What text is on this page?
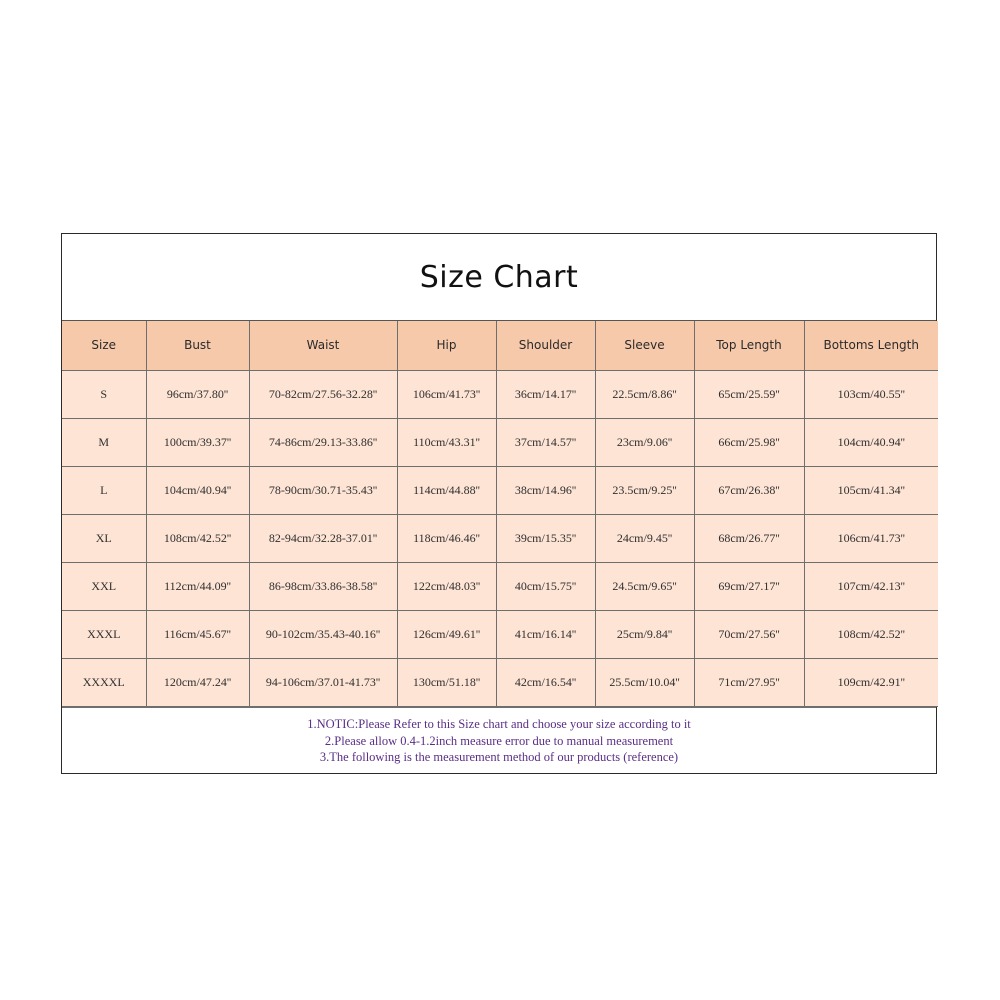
Size Chart
Size	Bust	Waist	Hip	Shoulder	Sleeve	Top Length	Bottoms Length
S	96cm/37.80''	70-82cm/27.56-32.28''	106cm/41.73''	36cm/14.17''	22.5cm/8.86''	65cm/25.59''	103cm/40.55''
M	100cm/39.37''	74-86cm/29.13-33.86''	110cm/43.31''	37cm/14.57''	23cm/9.06''	66cm/25.98''	104cm/40.94''
L	104cm/40.94''	78-90cm/30.71-35.43''	114cm/44.88''	38cm/14.96''	23.5cm/9.25''	67cm/26.38''	105cm/41.34''
XL	108cm/42.52''	82-94cm/32.28-37.01''	118cm/46.46''	39cm/15.35''	24cm/9.45''	68cm/26.77''	106cm/41.73''
XXL	112cm/44.09''	86-98cm/33.86-38.58''	122cm/48.03''	40cm/15.75''	24.5cm/9.65''	69cm/27.17''	107cm/42.13''
XXXL	116cm/45.67''	90-102cm/35.43-40.16''	126cm/49.61''	41cm/16.14''	25cm/9.84''	70cm/27.56''	108cm/42.52''
XXXXL	120cm/47.24''	94-106cm/37.01-41.73''	130cm/51.18''	42cm/16.54''	25.5cm/10.04''	71cm/27.95''	109cm/42.91''
1.NOTIC:Please Refer to this Size chart and choose your size according to it
2.Please allow 0.4-1.2inch measure error due to manual measurement
3.The following is the measurement method of our products (reference)
